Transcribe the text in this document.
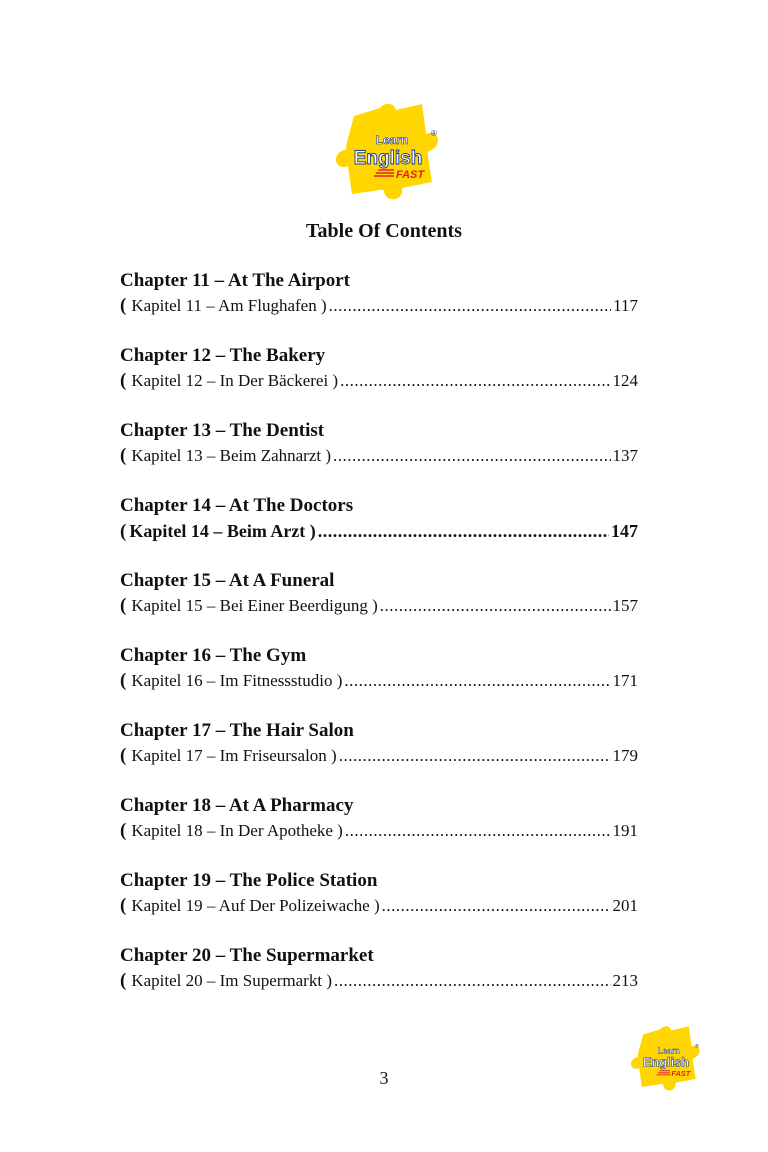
Learn
English
®
FAST
Table Of Contents
Chapter 11 – At The Airport
( Kapitel 11 – Am Flughafen ) .....	117
Chapter 12 – The Bakery
( Kapitel 12 – In Der Bäckerei ) .....	124
Chapter 13 – The Dentist
( Kapitel 13 – Beim Zahnarzt ) .....	137
Chapter 14 – At The Doctors
( Kapitel 14 – Beim Arzt ) .....	147
Chapter 15 – At A Funeral
( Kapitel 15 – Bei Einer Beerdigung ) .....	157
Chapter 16 – The Gym
( Kapitel 16 – Im Fitnessstudio ) .....	171
Chapter 17 – The Hair Salon
( Kapitel 17 – Im Friseursalon ) .....	179
Chapter 18 – At A Pharmacy
( Kapitel 18 – In Der Apotheke ) .....	191
Chapter 19 – The Police Station
( Kapitel 19 – Auf Der Polizeiwache ) .....	201
Chapter 20 – The Supermarket
( Kapitel 20 – Im Supermarkt ) .....	213
3
Learn
English
®
FAST
